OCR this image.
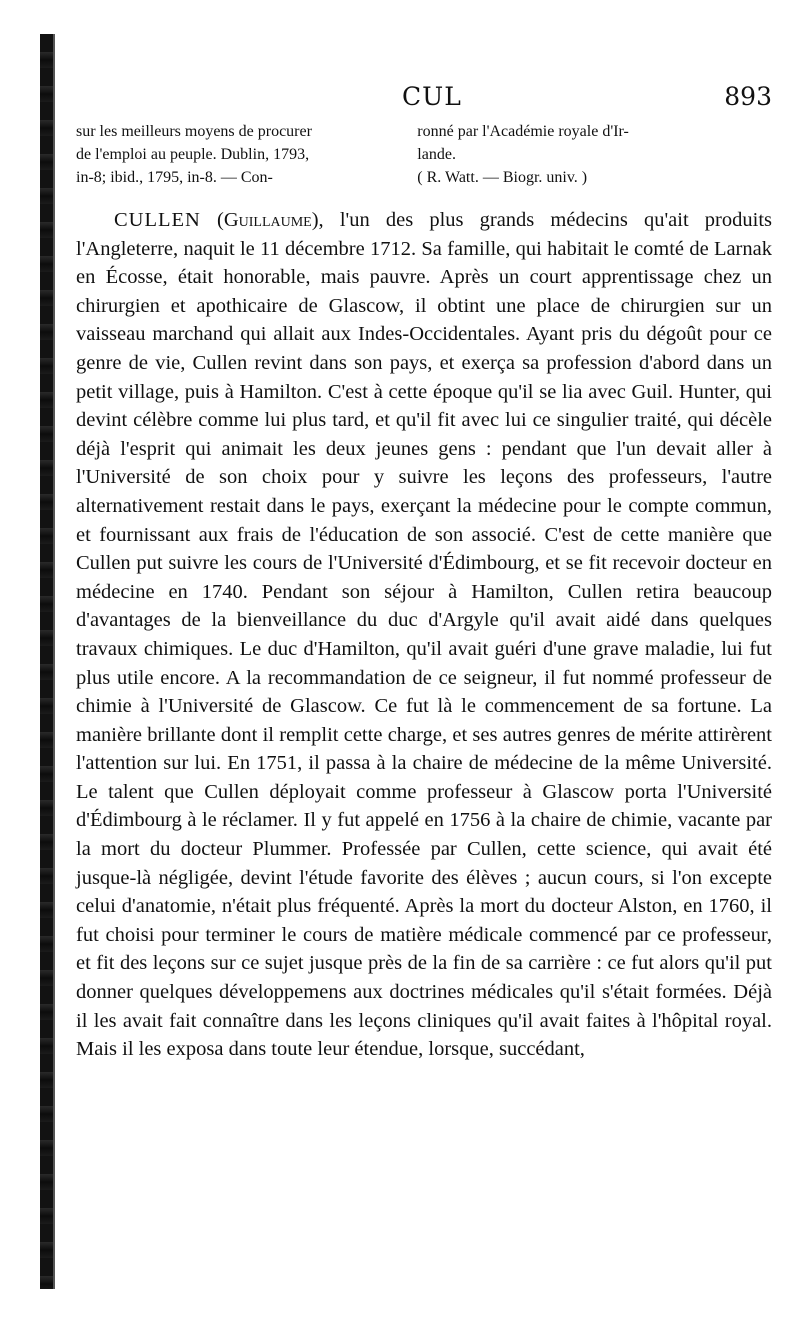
CUL	893
sur les meilleurs moyens de procurer
de l'emploi au peuple. Dublin, 1793,
in-8; ibid., 1795, in-8. — Con-
ronné par l'Académie royale d'Ir-
lande.
( R. Watt. — Biogr. univ. )
CULLEN (Guillaume), l'un des plus grands médecins qu'ait produits l'Angleterre, naquit le 11 décembre 1712. Sa famille, qui habitait le comté de Larnak en Écosse, était honorable, mais pauvre. Après un court apprentissage chez un chirurgien et apothicaire de Glascow, il obtint une place de chirurgien sur un vaisseau marchand qui allait aux Indes-Occidentales. Ayant pris du dégoût pour ce genre de vie, Cullen revint dans son pays, et exerça sa profession d'abord dans un petit village, puis à Hamilton. C'est à cette époque qu'il se lia avec Guil. Hunter, qui devint célèbre comme lui plus tard, et qu'il fit avec lui ce singulier traité, qui décèle déjà l'esprit qui animait les deux jeunes gens : pendant que l'un devait aller à l'Université de son choix pour y suivre les leçons des professeurs, l'autre alternativement restait dans le pays, exerçant la médecine pour le compte commun, et fournissant aux frais de l'éducation de son associé. C'est de cette manière que Cullen put suivre les cours de l'Université d'Édimbourg, et se fit recevoir docteur en médecine en 1740. Pendant son séjour à Hamilton, Cullen retira beaucoup d'avantages de la bienveillance du duc d'Argyle qu'il avait aidé dans quelques travaux chimiques. Le duc d'Hamilton, qu'il avait guéri d'une grave maladie, lui fut plus utile encore. A la recommandation de ce seigneur, il fut nommé professeur de chimie à l'Université de Glascow. Ce fut là le commencement de sa fortune. La manière brillante dont il remplit cette charge, et ses autres genres de mérite attirèrent l'attention sur lui. En 1751, il passa à la chaire de médecine de la même Université. Le talent que Cullen déployait comme professeur à Glascow porta l'Université d'Édimbourg à le réclamer. Il y fut appelé en 1756 à la chaire de chimie, vacante par la mort du docteur Plummer. Professée par Cullen, cette science, qui avait été jusque-là négligée, devint l'étude favorite des élèves ; aucun cours, si l'on excepte celui d'anatomie, n'était plus fréquenté. Après la mort du docteur Alston, en 1760, il fut choisi pour terminer le cours de matière médicale commencé par ce professeur, et fit des leçons sur ce sujet jusque près de la fin de sa carrière : ce fut alors qu'il put donner quelques développemens aux doctrines médicales qu'il s'était formées. Déjà il les avait fait connaître dans les leçons cliniques qu'il avait faites à l'hôpital royal. Mais il les exposa dans toute leur étendue, lorsque, succédant,
